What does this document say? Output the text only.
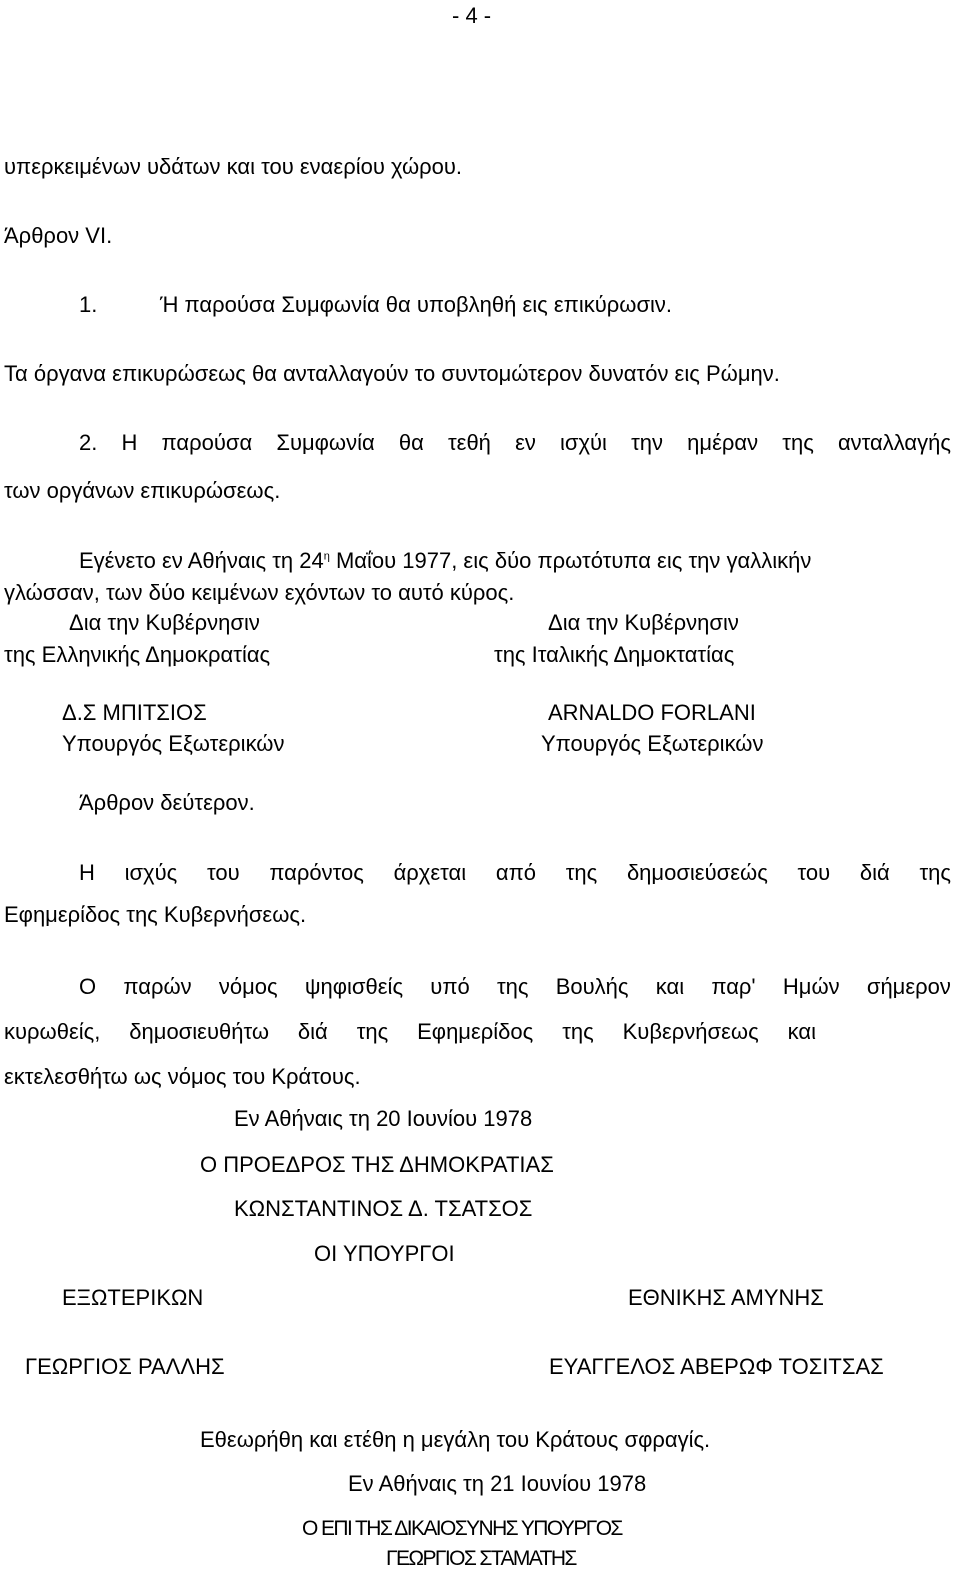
- 4 -
υπερκειμένων υδάτων και του εναερίου χώρου.
Άρθρον VI.
1.	Ή παρούσα Συμφωνία θα υποβληθή εις επικύρωσιν.
Τα όργανα επικυρώσεως θα ανταλλαγούν το συντομώτερον δυνατόν εις Ρώμην.
2. Η παρούσα Συμφωνία θα τεθή εν ισχύι την ημέραν της ανταλλαγής
των οργάνων επικυρώσεως.
Εγένετο εν Αθήναις τη $24^\eta$ Μαΐου 1977, εις δύο πρωτότυπα εις την γαλλικήν
γλώσσαν, των δύο κειμένων εχόντων το αυτό κύρος.
Δια την Κυβέρνησιν
της Ελληνικής Δημοκρατίας
Δια την Κυβέρνησιν
της Ιταλικής Δημοκτατίας
Δ.Σ ΜΠΙΤΣΙΟΣ
Υπουργός Εξωτερικών
ARNALDO FORLANI
Υπουργός Εξωτερικών
Άρθρον δεύτερον.
Η ισχύς του παρόντος άρχεται από της δημοσιεύσεώς του διά της
Εφημερίδος της Κυβερνήσεως.
Ο παρών νόμος ψηφισθείς υπό της Βουλής και παρ' Ημών σήμερον
κυρωθείς, δημοσιευθήτω διά της Εφημερίδος της Κυβερνήσεως και
εκτελεσθήτω ως νόμος του Κράτους.
Εν Αθήναις τη 20 Ιουνίου 1978
Ο ΠΡΟΕΔΡΟΣ ΤΗΣ ΔΗΜΟΚΡΑΤΙΑΣ
ΚΩΝΣΤΑΝΤΙΝΟΣ Δ. ΤΣΑΤΣΟΣ
ΟΙ ΥΠΟΥΡΓΟΙ
ΕΞΩΤΕΡΙΚΩΝ	ΕΘΝΙΚΗΣ ΑΜΥΝΗΣ
ΓΕΩΡΓΙΟΣ ΡΑΛΛΗΣ	ΕΥΑΓΓΕΛΟΣ ΑΒΕΡΩΦ ΤΟΣΙΤΣΑΣ
Εθεωρήθη και ετέθη η μεγάλη του Κράτους σφραγίς.
Εν Αθήναις τη 21 Ιουνίου 1978
Ο ΕΠΙ ΤΗΣ ΔΙΚΑΙΟΣΥΝΗΣ ΥΠΟΥΡΓΟΣ
ΓΕΩΡΓΙΟΣ ΣΤΑΜΑΤΗΣ
